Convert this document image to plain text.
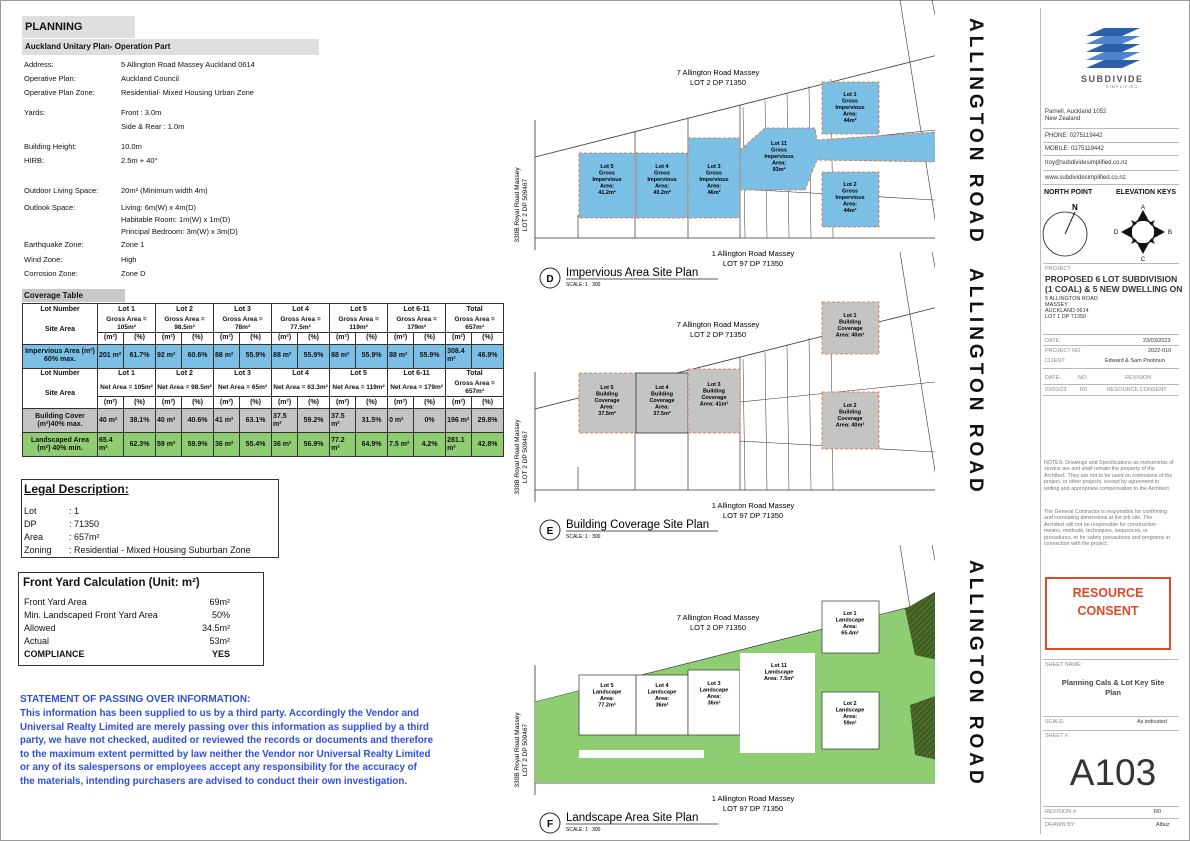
PLANNING
Auckland Unitary Plan- Operation Part
Address:	5 Allington Road Massey Auckland 0614
Operative Plan:	Auckland Council
Operative Plan Zone:	Residential- Mixed Housing Urban Zone
Yards:	Front : 3.0m
Side & Rear : 1.0m
Building Height:	10.0m
HIRB:	2.5m + 40°
Outdoor Living Space:	20m² (Minimum width 4m)
Outlook Space:	Living: 6m(W) x 4m(D)
Habitable Room: 1m(W) x 1m(D)
Principal Bedroom: 3m(W) x 3m(D)
Earthquake Zone:	Zone 1
Wind Zone:	High
Corrosion Zone:	Zone D
Coverage Table
Lot Number	Lot 1		Lot 2		Lot 3		Lot 4		Lot 5		Lot 6-11		Total	
Site Area	Gross Area = 105m²		Gross Area = 98.5m²		Gross Area = 78m²		Gross Area = 77.5m²		Gross Area = 119m²		Gross Area = 179m²		Gross Area = 657m²	
	(m²)	(%)	(m²)	(%)	(m²)	(%)	(m²)	(%)	(m²)	(%)	(m²)	(%)	(m²)	(%)
Impervious Area (m²) 60% max.	201 m²	61.7%	92 m²	60.6%	88 m²	55.9%	88 m²	55.9%	88 m²	55.9%	88 m²	55.9%	308.4 m²	46.9%
Lot Number	Lot 1		Lot 2		Lot 3		Lot 4		Lot 5		Lot 6-11		Total	
Site Area	Net Area = 105m²		Net Area = 98.5m²		Net Area = 65m²		Net Area = 63.3m²		Net Area = 119m²		Net Area = 179m²		Gross Area = 657m²	
	(m²)	(%)	(m²)	(%)	(m²)	(%)	(m²)	(%)	(m²)	(%)	(m²)	(%)	(m²)	(%)
Building Cover (m²)40% max.	40 m²	38.1%	40 m²	40.6%	41 m²	63.1%	37.5 m²	59.2%	37.5 m²	31.5%	0 m²	0%	196 m²	29.8%
Landscaped Area (m²) 40% min.	65.4 m²	62.3%	59 m²	59.9%	36 m²	55.4%	36 m²	56.9%	77.2 m²	64.9%	7.5 m²	4.2%	281.1 m²	42.8%
Legal Description:
Lot	: 1
DP	: 71350
Area	: 657m²
Zoning : Residential - Mixed Housing Suburban Zone
Front Yard Calculation (Unit: m²)
Front Yard Area	69m²
Min. Landscaped Front Yard Area	50%
Allowed	34.5m²
Actual	53m²
COMPLIANCE	YES
STATEMENT OF PASSING OVER INFORMATION:
This information has been supplied to us by a third party. Accordingly the Vendor and
Universal Realty Limited are merely passing over this information as supplied by a third
party, we have not checked, audited or reviewed the records or documents and therefore
to the maximum extent permitted by law neither the Vendor nor Universal Realty Limited
or any of its salespersons or employees accept any responsibility for the accuracy of
the materials, intending purchasers are advised to conduct their own investigation.
7 Allington Road Massey
LOT 2 DP 71350
1 Allington Road Massey
LOT 97 DP 71350
330B Royal Road Massey LOT 2 DP 509467
Lot 5
Gross
Impervious
Area:
41.2m²
Lot 4
Gross
Impervious
Area:
40.2m²
Lot 3
Gross
Impervious
Area:
46m²
Lot 11
Gross
Impervious
Area:
93m²
Lot 1
Gross
Impervious
Area:
44m²
Lot 2
Gross
Impervious
Area:
44m²
D
Impervious Area Site Plan
SCALE: 1 : 300
7 Allington Road Massey
LOT 2 DP 71350
1 Allington Road Massey
LOT 97 DP 71350
330B Royal Road Massey LOT 2 DP 509467
Lot 5
Building
Coverage
Area:
37.5m²
Lot 4
Building
Coverage
Area:
37.5m²
Lot 3
Building
Coverage
Area: 41m²
Lot 1
Building
Coverage
Area: 40m²
Lot 2
Building
Coverage
Area: 40m²
E
Building Coverage Site Plan
SCALE: 1 : 300
7 Allington Road Massey
LOT 2 DP 71350
1 Allington Road Massey
LOT 97 DP 71350
330B Royal Road Massey LOT 2 DP 509467
Lot 5
Landscape
Area:
77.2m²
Lot 4
Landscape
Area:
36m²
Lot 3
Landscape
Area:
36m²
Lot 11
Landscape
Area: 7.5m²
Lot 1
Landscape
Area:
65.4m²
Lot 2
Landscape
Area:
59m²
F
Landscape Area Site Plan
SCALE: 1 : 300
ALLINGTON ROAD
ALLINGTON ROAD
ALLINGTON ROAD
SUBDIVIDE
SIMPLIFIED
Parnell, Auckland 1052
New Zealand
PHONE: 0275119442
MOBILE: 0275119442
troy@subdividesimplified.co.nz
www.subdividesimplified.co.nz
NORTH POINT	ELEVATION KEYS
N	A
B
C
D
PROJECT:
PROPOSED 6 LOT SUBDIVISION
(1 COAL) & 5 NEW DWELLING ON
5 ALLINGTON ROAD
MASSEY
AUCKLAND 0614
LOT 1 DP 71350
DATE:	23/03/2023
PROJECT NO	2022-010
CLIENT:	Edward & Sam Pootinun
DATE:	NO:	REVISION
23/03/23 R0	RESOURCE CONSENT
NOTES: Drawings and Specifications as instruments of service are and shall remain the property of the Architect. They are not to be used on extensions of the project, or other projects, except by agreement in writing and appropriate compensation to the Architect.
The General Contractor is responsible for confirming and correlating dimensions at the job site. The Architect will not be responsible for construction means, methods, techniques, sequences, or procedures, or for safety precautions and programs in connection with the project.
RESOURCE
CONSENT
SHEET NAME:
Planning Cals & Lot Key Site
Plan
SCALE:	As indicated
SHEET #:
A103
REVISION #:	R0
DRAWN BY:	Alfaiz
